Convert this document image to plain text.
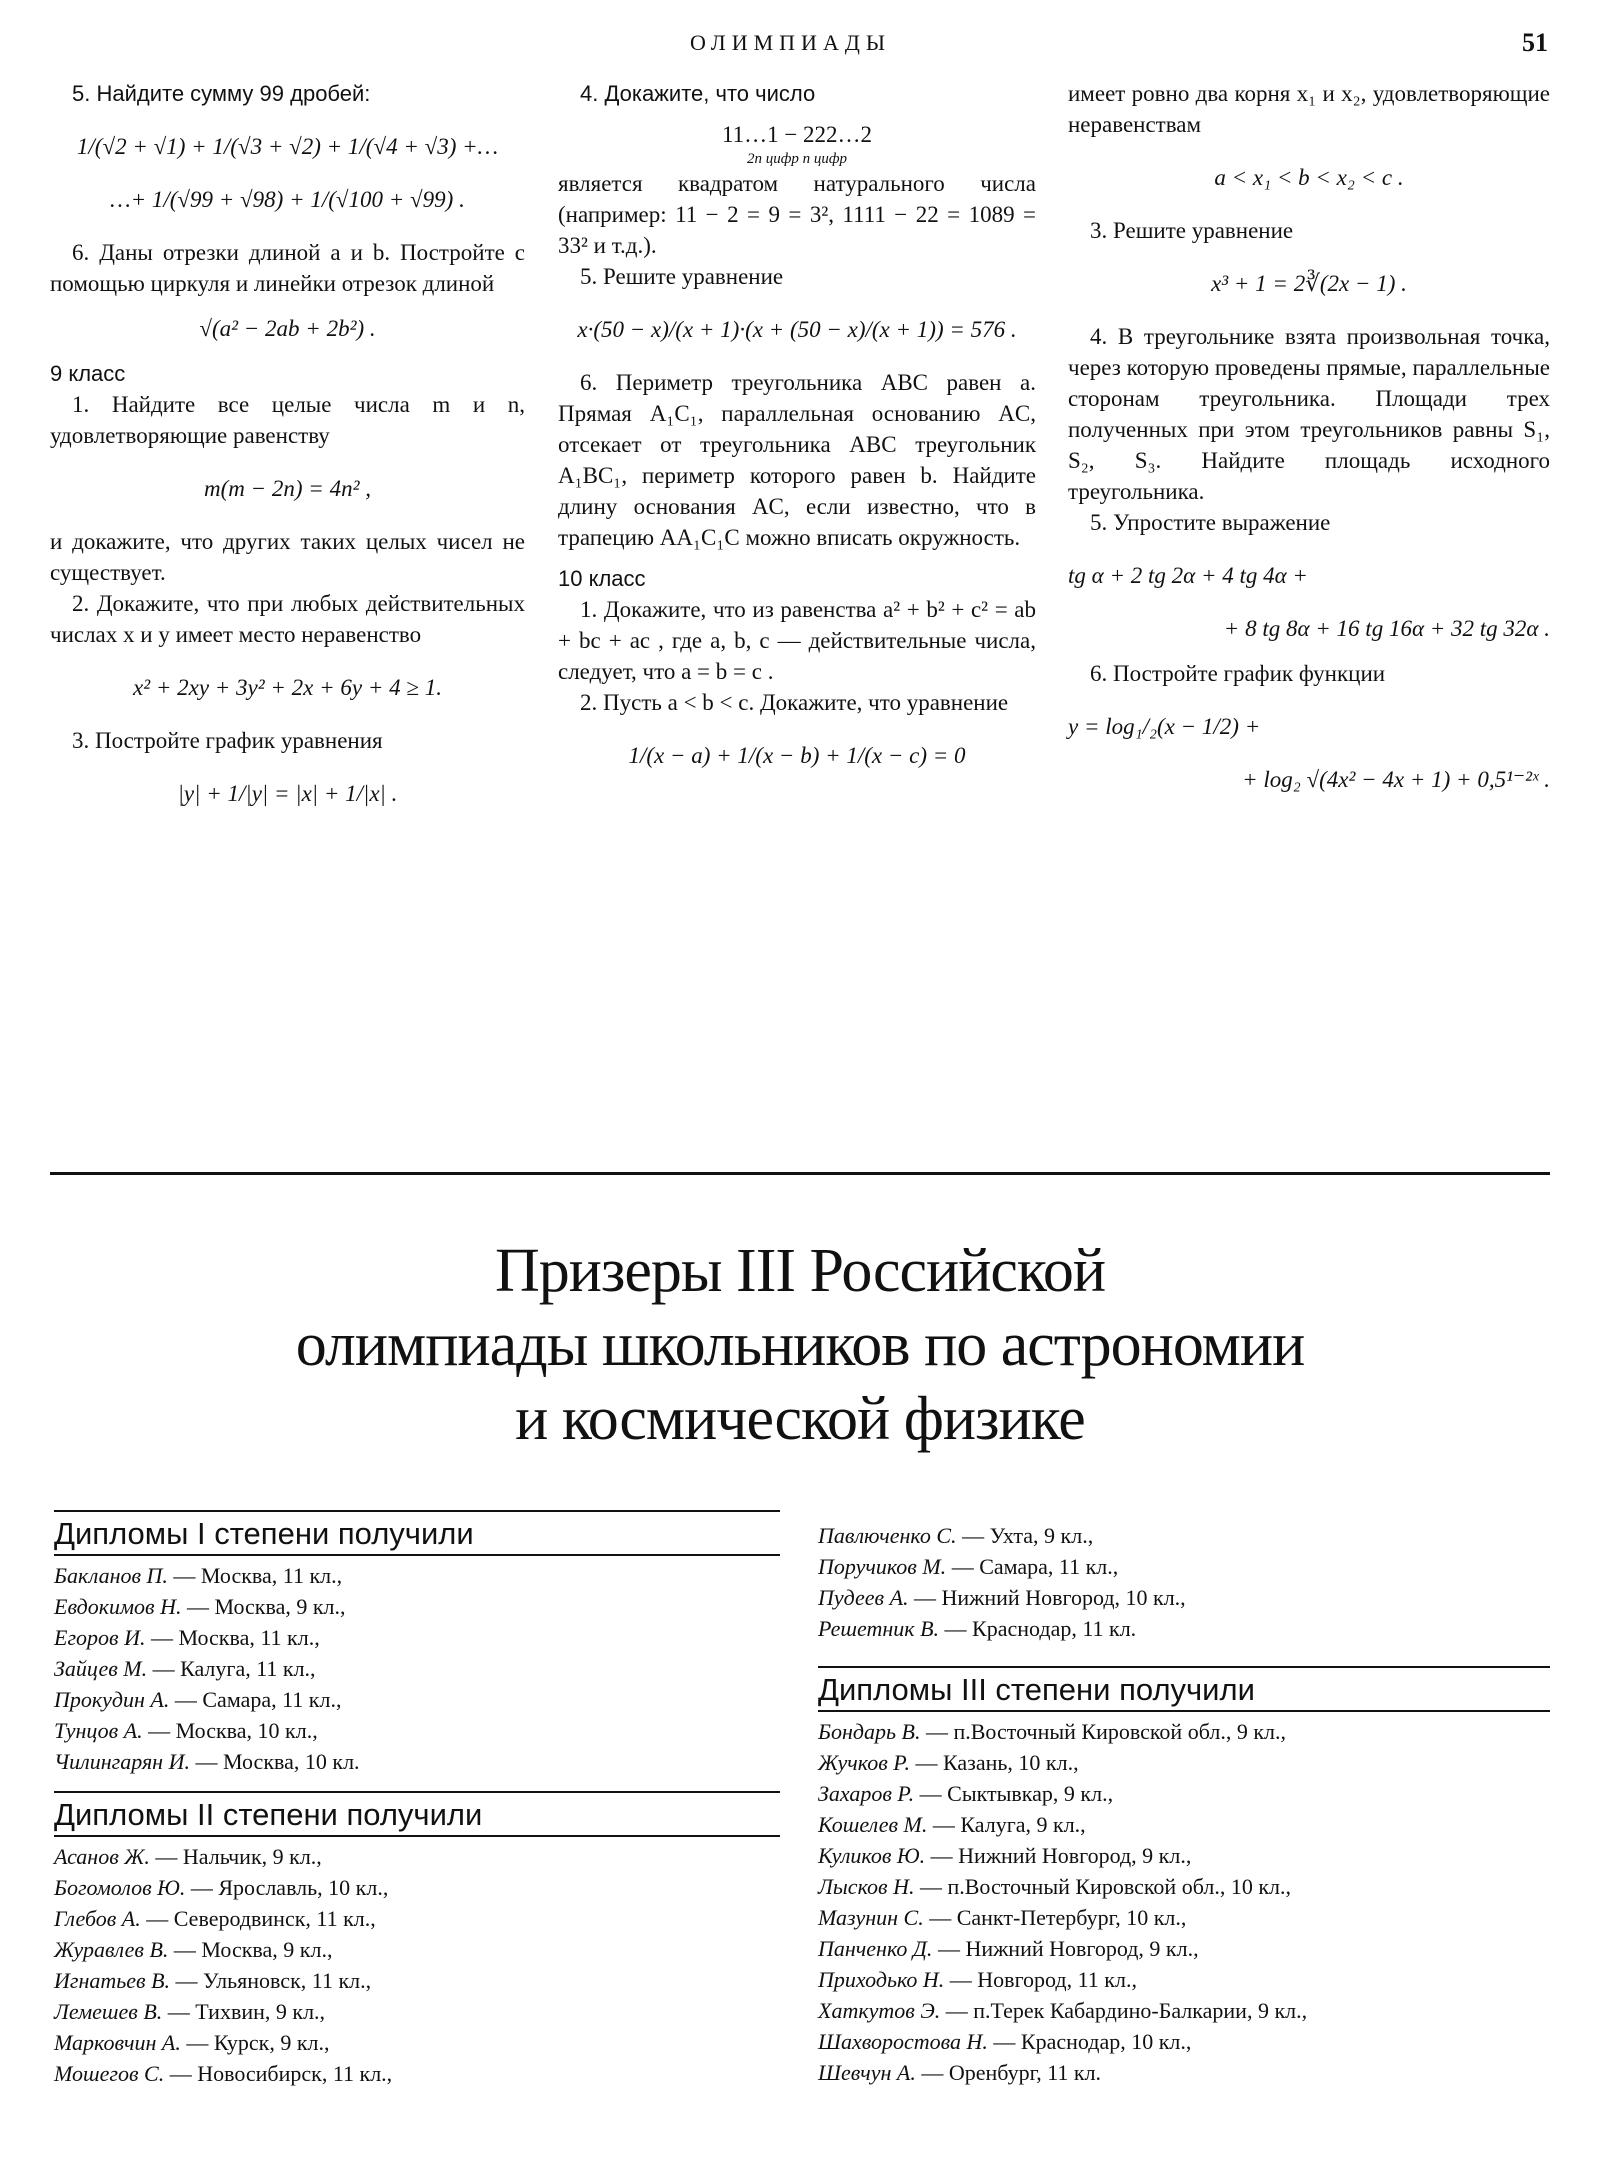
ОЛИМПИАДЫ	51

5. Найдите сумму 99 дробей:

1/(√2 + √1) + 1/(√3 + √2) + 1/(√4 + √3) +…
…+ 1/(√99 + √98) + 1/(√100 + √99) .

6. Даны отрезки длиной a и b. Постройте с помощью циркуля и линейки отрезок длиной

√(a² − 2ab + 2b²) .
9 класс

1. Найдите все целые числа m и n, удовлетворяющие равенству

m(m − 2n) = 4n² ,

и докажите, что других таких целых чисел не существует.

2. Докажите, что при любых действительных числах x и y имеет место неравенство

x² + 2xy + 3y² + 2x + 6y + 4 ≥ 1.

3. Постройте график уравнения

|y| + 1/|y| = |x| + 1/|x| .

4. Докажите, что число

11…1 − 222…2
2n цифр n цифр

является квадратом натурального числа (например: 11 − 2 = 9 = 3², 1111 − 22 = 1089 = 33² и т.д.).

5. Решите уравнение

x·(50 − x)/(x + 1)·(x + (50 − x)/(x + 1)) = 576 .

6. Периметр треугольника ABC равен a. Прямая A₁C₁, параллельная основанию AC, отсекает от треугольника ABC треугольник A₁BC₁, периметр которого равен b. Найдите длину основания AC, если известно, что в трапецию AA₁C₁C можно вписать окружность.

10 класс

1. Докажите, что из равенства a² + b² + c² = ab + bc + ac , где a, b, c — действительные числа, следует, что a = b = c .

2. Пусть a < b < c. Докажите, что уравнение

1/(x − a) + 1/(x − b) + 1/(x − c) = 0

имеет ровно два корня x₁ и x₂, удовлетворяющие неравенствам

a < x₁ < b < x₂ < c .

3. Решите уравнение

x³ + 1 = 2∛(2x − 1) .

4. В треугольнике взята произвольная точка, через которую проведены прямые, параллельные сторонам треугольника. Площади трех полученных при этом треугольников равны S₁, S₂, S₃. Найдите площадь исходного треугольника.

5. Упростите выражение

tg α + 2 tg 2α + 4 tg 4α +
+ 8 tg 8α + 16 tg 16α + 32 tg 32α .

6. Постройте график функции

y = log₁/₂(x − 1/2) +
+ log₂ √(4x² − 4x + 1) + 0,5¹⁻²ˣ .
Призеры III Российской
олимпиады школьников по астрономии
и космической физике
Дипломы I степени получили
Бакланов П. — Москва, 11 кл.,
Евдокимов Н. — Москва, 9 кл.,
Егоров И. — Москва, 11 кл.,
Зайцев М. — Калуга, 11 кл.,
Прокудин А. — Самара, 11 кл.,
Тунцов А. — Москва, 10 кл.,
Чилингарян И. — Москва, 10 кл.
Дипломы II степени получили
Асанов Ж. — Нальчик, 9 кл.,
Богомолов Ю. — Ярославль, 10 кл.,
Глебов А. — Северодвинск, 11 кл.,
Журавлев В. — Москва, 9 кл.,
Игнатьев В. — Ульяновск, 11 кл.,
Лемешев В. — Тихвин, 9 кл.,
Марковчин А. — Курск, 9 кл.,
Мошегов С. — Новосибирск, 11 кл.,
Павлюченко С. — Ухта, 9 кл.,
Поручиков М. — Самара, 11 кл.,
Пудеев А. — Нижний Новгород, 10 кл.,
Решетник В. — Краснодар, 11 кл.
Дипломы III степени получили
Бондарь В. — п.Восточный Кировской обл., 9 кл.,
Жучков Р. — Казань, 10 кл.,
Захаров Р. — Сыктывкар, 9 кл.,
Кошелев М. — Калуга, 9 кл.,
Куликов Ю. — Нижний Новгород, 9 кл.,
Лысков Н. — п.Восточный Кировской обл., 10 кл.,
Мазунин С. — Санкт-Петербург, 10 кл.,
Панченко Д. — Нижний Новгород, 9 кл.,
Приходько Н. — Новгород, 11 кл.,
Хаткутов Э. — п.Терек Кабардино-Балкарии, 9 кл.,
Шахворостова Н. — Краснодар, 10 кл.,
Шевчун А. — Оренбург, 11 кл.
